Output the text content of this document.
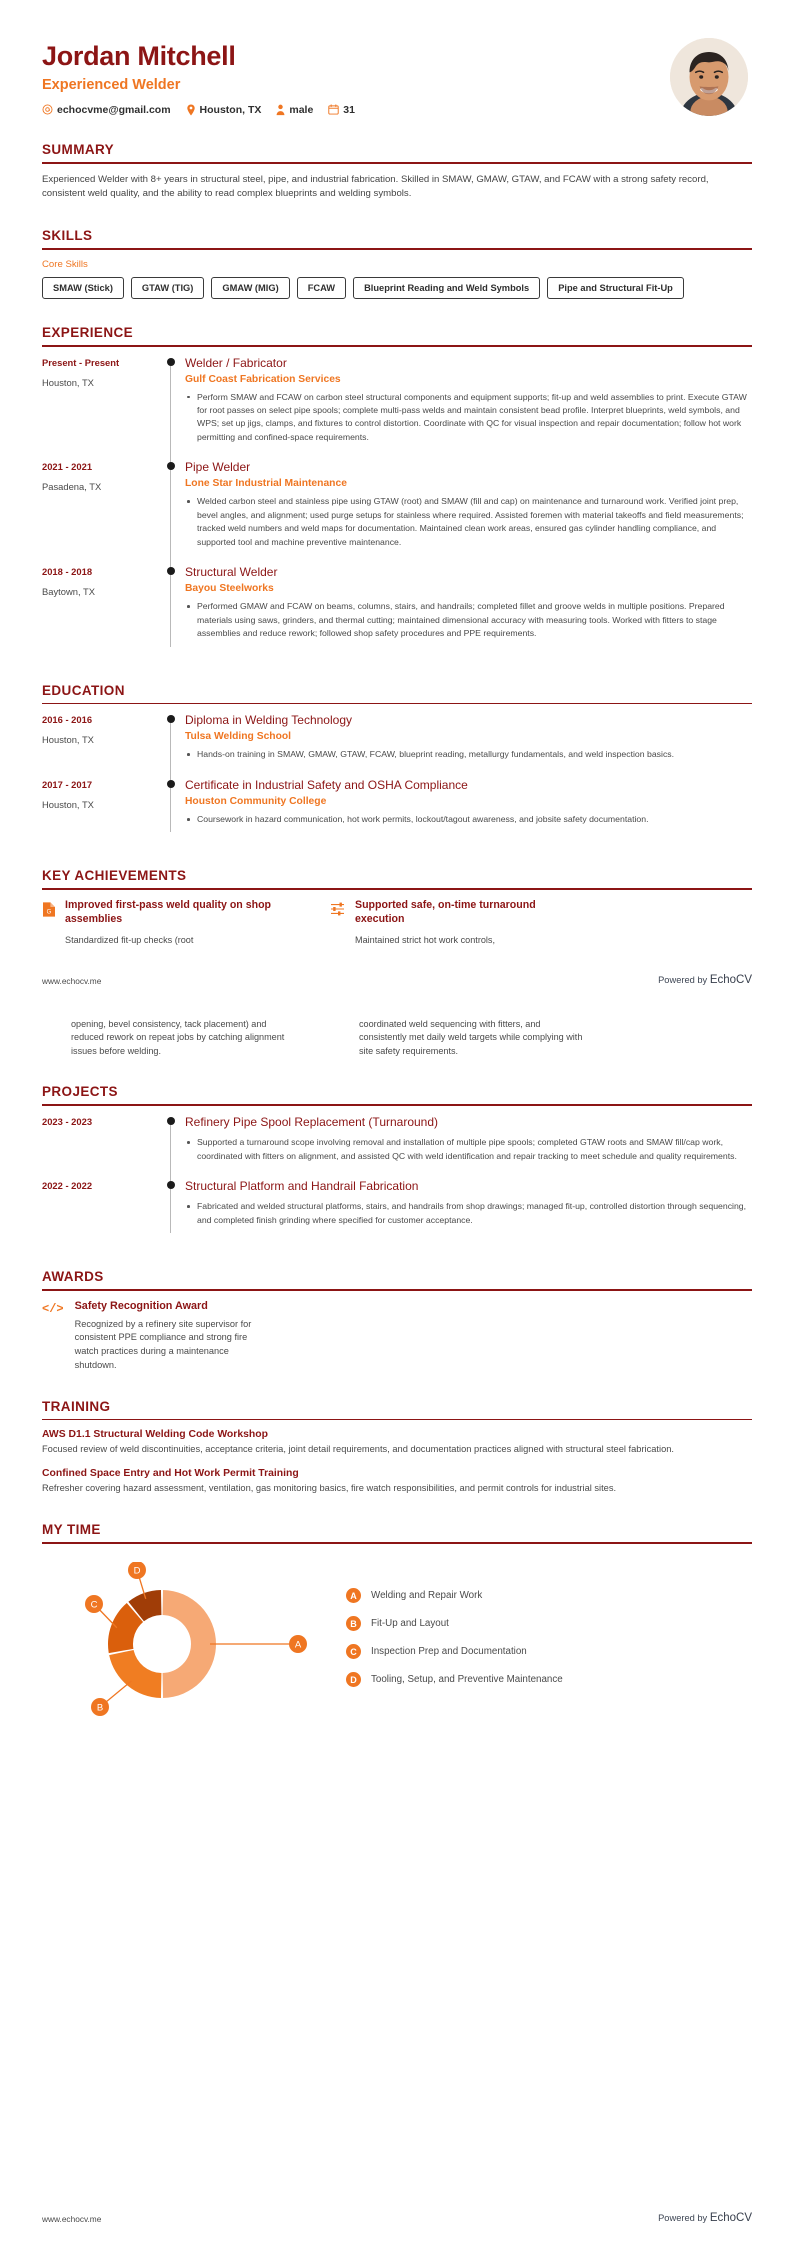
Jordan Mitchell
Experienced Welder
echocvme@gmail.com	Houston, TX	male	31
SUMMARY
Experienced Welder with 8+ years in structural steel, pipe, and industrial fabrication. Skilled in SMAW, GMAW, GTAW, and FCAW with a strong safety record, consistent weld quality, and the ability to read complex blueprints and welding symbols.
SKILLS
Core Skills
SMAW (Stick)	GTAW (TIG)	GMAW (MIG)	FCAW	Blueprint Reading and Weld Symbols	Pipe and Structural Fit-Up
EXPERIENCE
Present - Present
Houston, TX
Welder / Fabricator
Gulf Coast Fabrication Services
Perform SMAW and FCAW on carbon steel structural components and equipment supports; fit-up and weld assemblies to print. Execute GTAW for root passes on select pipe spools; complete multi-pass welds and maintain consistent bead profile. Interpret blueprints, weld symbols, and WPS; set up jigs, clamps, and fixtures to control distortion. Coordinate with QC for visual inspection and repair documentation; follow hot work permitting and confined-space requirements.
2021 - 2021
Pasadena, TX
Pipe Welder
Lone Star Industrial Maintenance
Welded carbon steel and stainless pipe using GTAW (root) and SMAW (fill and cap) on maintenance and turnaround work. Verified joint prep, bevel angles, and alignment; used purge setups for stainless where required. Assisted foremen with material takeoffs and field measurements; tracked weld numbers and weld maps for documentation. Maintained clean work areas, ensured gas cylinder handling compliance, and supported tool and machine preventive maintenance.
2018 - 2018
Baytown, TX
Structural Welder
Bayou Steelworks
Performed GMAW and FCAW on beams, columns, stairs, and handrails; completed fillet and groove welds in multiple positions. Prepared materials using saws, grinders, and thermal cutting; maintained dimensional accuracy with measuring tools. Worked with fitters to stage assemblies and reduce rework; followed shop safety procedures and PPE requirements.
EDUCATION
2016 - 2016
Houston, TX
Diploma in Welding Technology
Tulsa Welding School
Hands-on training in SMAW, GMAW, GTAW, FCAW, blueprint reading, metallurgy fundamentals, and weld inspection basics.
2017 - 2017
Houston, TX
Certificate in Industrial Safety and OSHA Compliance
Houston Community College
Coursework in hazard communication, hot work permits, lockout/tagout awareness, and jobsite safety documentation.
KEY ACHIEVEMENTS
G
Improved first-pass weld quality on shop assemblies
Standardized fit-up checks (root
Supported safe, on-time turnaround execution
Maintained strict hot work controls,
www.echocv.me	Powered by EchoCV
opening, bevel consistency, tack placement) and reduced rework on repeat jobs by catching alignment issues before welding.
coordinated weld sequencing with fitters, and consistently met daily weld targets while complying with site safety requirements.
PROJECTS
2023 - 2023	Refinery Pipe Spool Replacement (Turnaround)
Supported a turnaround scope involving removal and installation of multiple pipe spools; completed GTAW roots and SMAW fill/cap work, coordinated with fitters on alignment, and assisted QC with weld identification and repair tracking to meet schedule and quality requirements.
2022 - 2022	Structural Platform and Handrail Fabrication
Fabricated and welded structural platforms, stairs, and handrails from shop drawings; managed fit-up, controlled distortion through sequencing, and completed finish grinding where specified for customer acceptance.
AWARDS
</> Safety Recognition Award
Recognized by a refinery site supervisor for consistent PPE compliance and strong fire watch practices during a maintenance shutdown.
TRAINING
AWS D1.1 Structural Welding Code Workshop
Focused review of weld discontinuities, acceptance criteria, joint detail requirements, and documentation practices aligned with structural steel fabrication.
Confined Space Entry and Hot Work Permit Training
Refresher covering hazard assessment, ventilation, gas monitoring basics, fire watch responsibilities, and permit controls for industrial sites.
MY TIME
A
B
C
D
A	Welding and Repair Work
B	Fit-Up and Layout
C	Inspection Prep and Documentation
D	Tooling, Setup, and Preventive Maintenance
www.echocv.me	Powered by EchoCV
